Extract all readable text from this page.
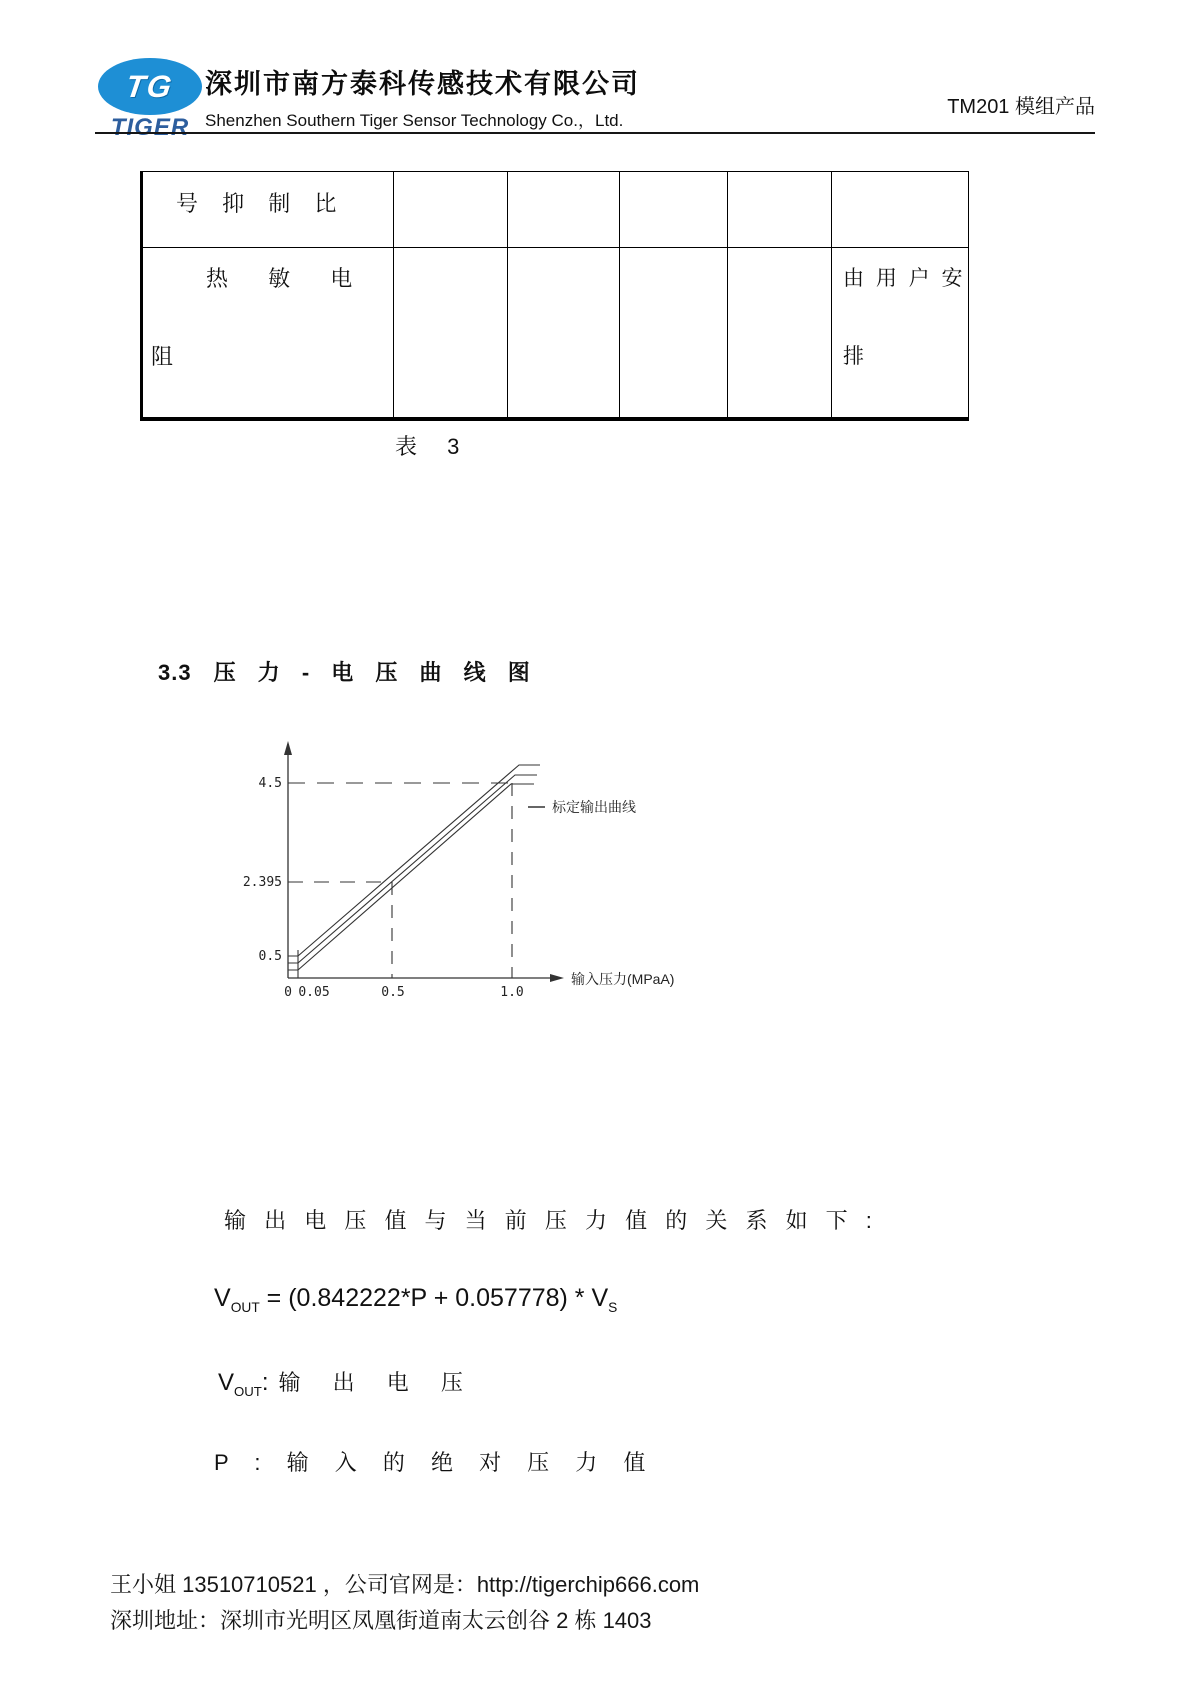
TG
TIGER
深圳市南方泰科传感技术有限公司
Shenzhen Southern Tiger Sensor Technology Co.，Ltd.
TM201 模组产品
号 抑 制 比
热 敏 电
阻
由 用 户 安
排
表 3
3.3 压 力 - 电 压 曲 线 图
4.5
2.395
0.5
0 0.05	0.5	1.0
输入压力(MPaA)
标定输出曲线
输 出 电 压 值 与 当 前 压 力 值 的 关 系 如 下 :
$V_{OUT} = (0.842222*P + 0.057778) * V_S$
$V_{OUT}$: 输 出 电 压
P : 输 入 的 绝 对 压 力 值
王小姐 13510710521 ，公司官网是：http://tigerchip666.com
深圳地址：深圳市光明区凤凰街道南太云创谷 2 栋 1403
